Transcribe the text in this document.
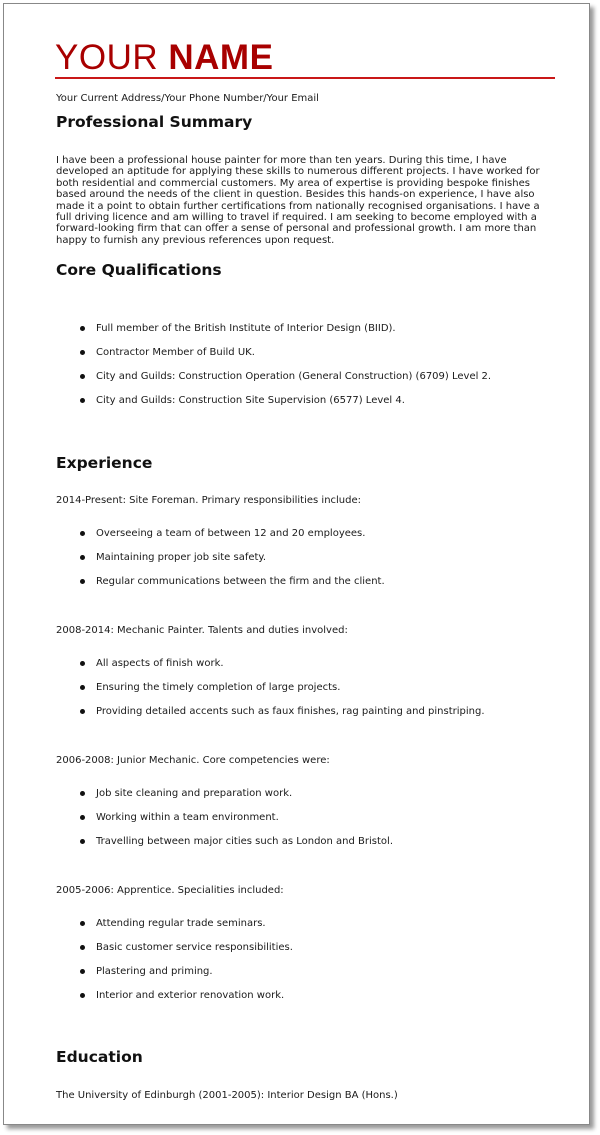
YOUR NAME
Your Current Address/Your Phone Number/Your Email
Professional Summary

I have been a professional house painter for more than ten years. During this time, I have developed an aptitude for applying these skills to numerous different projects. I have worked for both residential and commercial customers. My area of expertise is providing bespoke finishes based around the needs of the client in question. Besides this hands-on experience, I have also made it a point to obtain further certifications from nationally recognised organisations. I have a full driving licence and am willing to travel if required. I am seeking to become employed with a forward-looking firm that can offer a sense of personal and professional growth. I am more than happy to furnish any previous references upon request.

Core Qualifications
Full member of the British Institute of Interior Design (BIID).
Contractor Member of Build UK.
City and Guilds: Construction Operation (General Construction) (6709) Level 2.
City and Guilds: Construction Site Supervision (6577) Level 4.
Experience
2014-Present: Site Foreman. Primary responsibilities include:
Overseeing a team of between 12 and 20 employees.
Maintaining proper job site safety.
Regular communications between the firm and the client.
2008-2014: Mechanic Painter. Talents and duties involved:
All aspects of finish work.
Ensuring the timely completion of large projects.
Providing detailed accents such as faux finishes, rag painting and pinstriping.
2006-2008: Junior Mechanic. Core competencies were:
Job site cleaning and preparation work.
Working within a team environment.
Travelling between major cities such as London and Bristol.
2005-2006: Apprentice. Specialities included:
Attending regular trade seminars.
Basic customer service responsibilities.
Plastering and priming.
Interior and exterior renovation work.
Education
The University of Edinburgh (2001-2005): Interior Design BA (Hons.)
